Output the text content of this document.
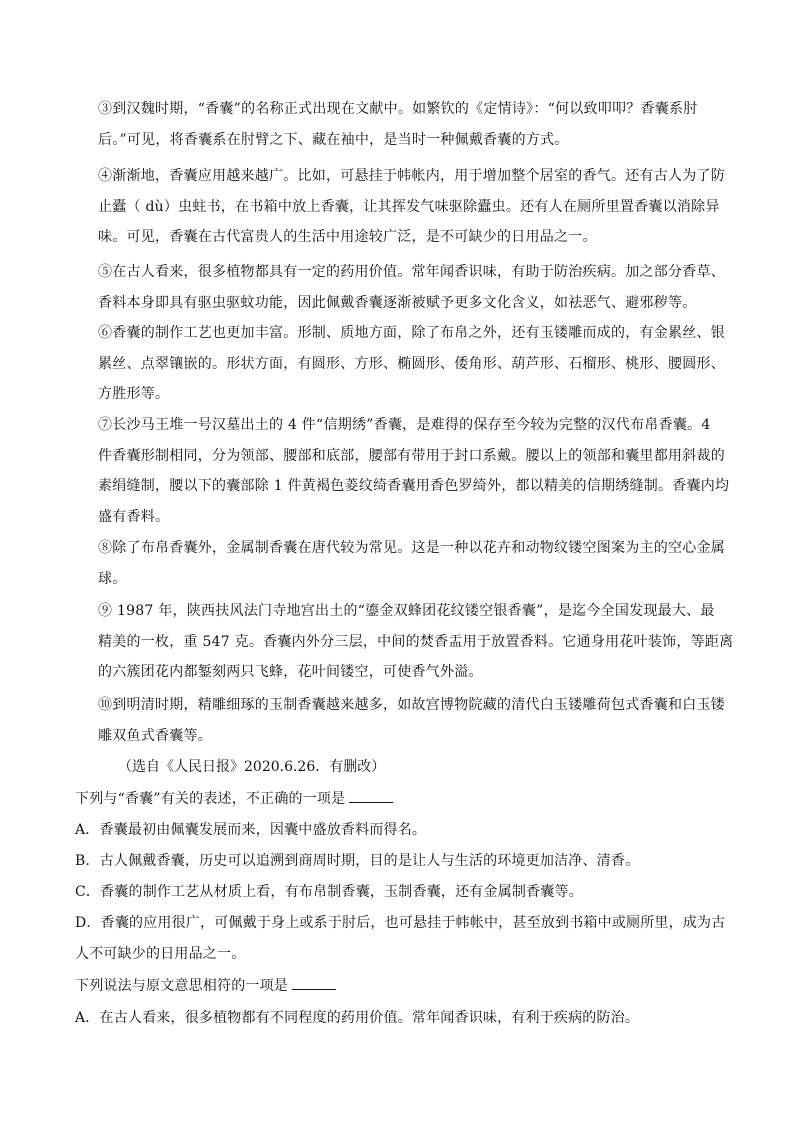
③到汉魏时期，“香囊”的名称正式出现在文献中。如繁钦的《定情诗》：“何以致叩叩？香囊系肘
后。”可见，将香囊系在肘臂之下、藏在袖中，是当时一种佩戴香囊的方式。
④渐渐地，香囊应用越来越广。比如，可悬挂于帏帐内，用于增加整个居室的香气。还有古人为了防
止蠹（ dù）虫蛀书，在书箱中放上香囊，让其挥发气味驱除蠹虫。还有人在厕所里置香囊以消除异
味。可见，香囊在古代富贵人的生活中用途较广泛，是不可缺少的日用品之一。
⑤在古人看来，很多植物都具有一定的药用价值。常年闻香识味，有助于防治疾病。加之部分香草、
香料本身即具有驱虫驱蚊功能，因此佩戴香囊逐渐被赋予更多文化含义，如祛恶气、避邪秽等。
⑥香囊的制作工艺也更加丰富。形制、质地方面，除了布帛之外，还有玉镂雕而成的，有金累丝、银
累丝、点翠镶嵌的。形状方面，有圆形、方形、椭圆形、倭角形、葫芦形、石榴形、桃形、腰圆形、
方胜形等。
⑦长沙马王堆一号汉墓出土的 4 件“信期绣”香囊，是难得的保存至今较为完整的汉代布帛香囊。4
件香囊形制相同，分为领部、腰部和底部，腰部有带用于封口系戴。腰以上的领部和囊里都用斜裁的
素绢缝制，腰以下的囊部除 1 件黄褐色菱纹绮香囊用香色罗绮外，都以精美的信期绣缝制。香囊内均
盛有香料。
⑧除了布帛香囊外，金属制香囊在唐代较为常见。这是一种以花卉和动物纹镂空图案为主的空心金属
球。
⑨ 1987 年，陕西扶风法门寺地宫出土的“鎏金双蜂团花纹镂空银香囊”，是迄今全国发现最大、最
精美的一枚，重 547 克。香囊内外分三层，中间的焚香盂用于放置香料。它通身用花叶装饰，等距离
的六簇团花内都錾刻两只飞蜂，花叶间镂空，可使香气外溢。
⑩到明清时期，精雕细琢的玉制香囊越来越多，如故宫博物院藏的清代白玉镂雕荷包式香囊和白玉镂
雕双鱼式香囊等。
（选自《人民日报》2020.6.26．有删改）
下列与“香囊”有关的表述，不正确的一项是
A．香囊最初由佩囊发展而来，因囊中盛放香料而得名。
B．古人佩戴香囊，历史可以追溯到商周时期，目的是让人与生活的环境更加洁净、清香。
C．香囊的制作工艺从材质上看，有布帛制香囊，玉制香囊，还有金属制香囊等。
D．香囊的应用很广，可佩戴于身上或系于肘后，也可悬挂于帏帐中，甚至放到书箱中或厕所里，成为古
人不可缺少的日用品之一。
下列说法与原文意思相符的一项是
A．在古人看来，很多植物都有不同程度的药用价值。常年闻香识味，有利于疾病的防治。
